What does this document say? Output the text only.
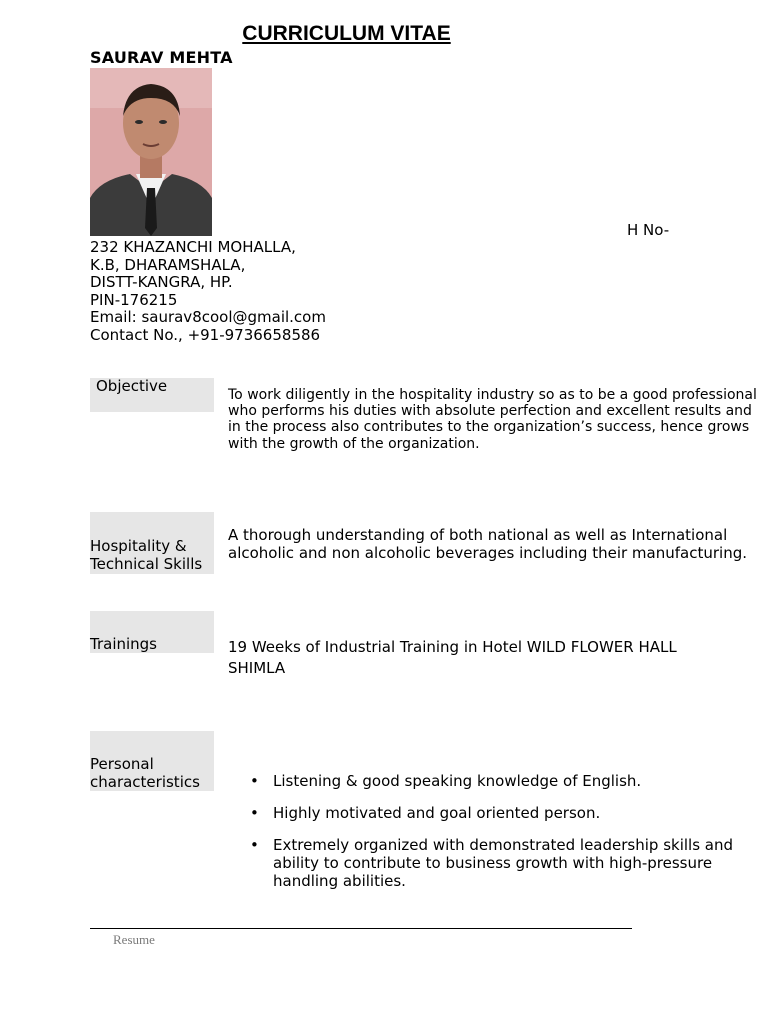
CURRICULUM VITAE
SAURAV MEHTA
H No-
232 KHAZANCHI MOHALLA,
K.B, DHARAMSHALA,
DISTT-KANGRA, HP.
PIN-176215
Email: saurav8cool@gmail.com
Contact No., +91-9736658586
Objective	To work diligently in the hospitality industry so as to be a good professional who performs his duties with absolute perfection and excellent results and in the process also contributes to the organization’s success, hence grows with the growth of the organization.
Hospitality &
Technical Skills
A thorough understanding of both national as well as International alcoholic and non alcoholic beverages including their manufacturing.
Trainings	19 Weeks of Industrial Training in Hotel WILD FLOWER HALL SHIMLA
Personal
characteristics
•	Listening & good speaking knowledge of English.
• Highly motivated and goal oriented person.
• Extremely organized with demonstrated leadership skills and ability to contribute to business growth with high-pressure handling abilities.
Resume
